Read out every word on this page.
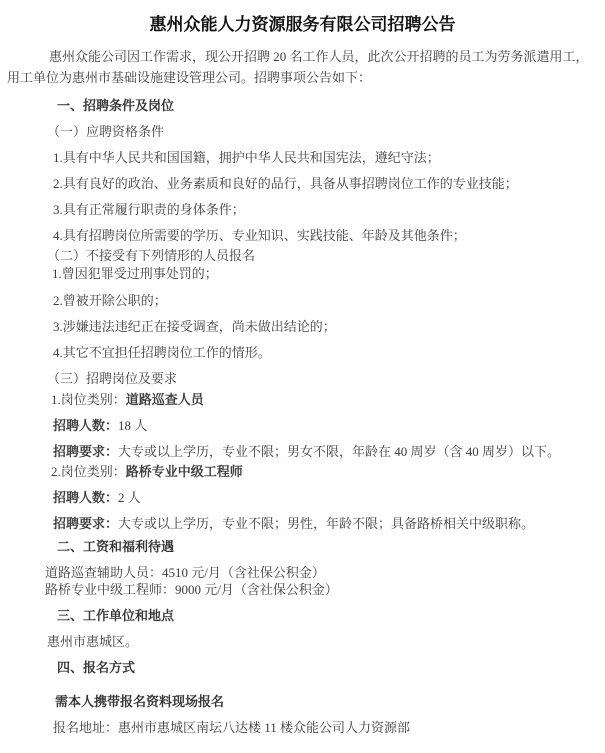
惠州众能人力资源服务有限公司招聘公告

惠州众能公司因工作需求，现公开招聘 20 名工作人员，此次公开招聘的员工为劳务派遣用工，用工单位为惠州市基础设施建设管理公司。招聘事项公告如下：

一、招聘条件及岗位

（一）应聘资格条件

1.具有中华人民共和国国籍，拥护中华人民共和国宪法，遵纪守法；

2.具有良好的政治、业务素质和良好的品行，具备从事招聘岗位工作的专业技能；

3.具有正常履行职责的身体条件；

4.具有招聘岗位所需要的学历、专业知识、实践技能、年龄及其他条件；

（二）不接受有下列情形的人员报名
1.曾因犯罪受过刑事处罚的；

2.曾被开除公职的；

3.涉嫌违法违纪正在接受调查，尚未做出结论的；

4.其它不宜担任招聘岗位工作的情形。

（三）招聘岗位及要求

1.岗位类别：道路巡查人员

招聘人数：18 人

招聘要求：大专或以上学历，专业不限；男女不限，年龄在 40 周岁（含 40 周岁）以下。

2.岗位类别：路桥专业中级工程师

招聘人数：2 人

招聘要求：大专或以上学历，专业不限；男性，年龄不限；具备路桥相关中级职称。

二、工资和福利待遇

道路巡查辅助人员：4510 元/月（含社保公积金）
路桥专业中级工程师：9000 元/月（含社保公积金）

三、工作单位和地点

惠州市惠城区。

四、报名方式

需本人携带报名资料现场报名

报名地址：惠州市惠城区南坛八达楼 11 楼众能公司人力资源部
